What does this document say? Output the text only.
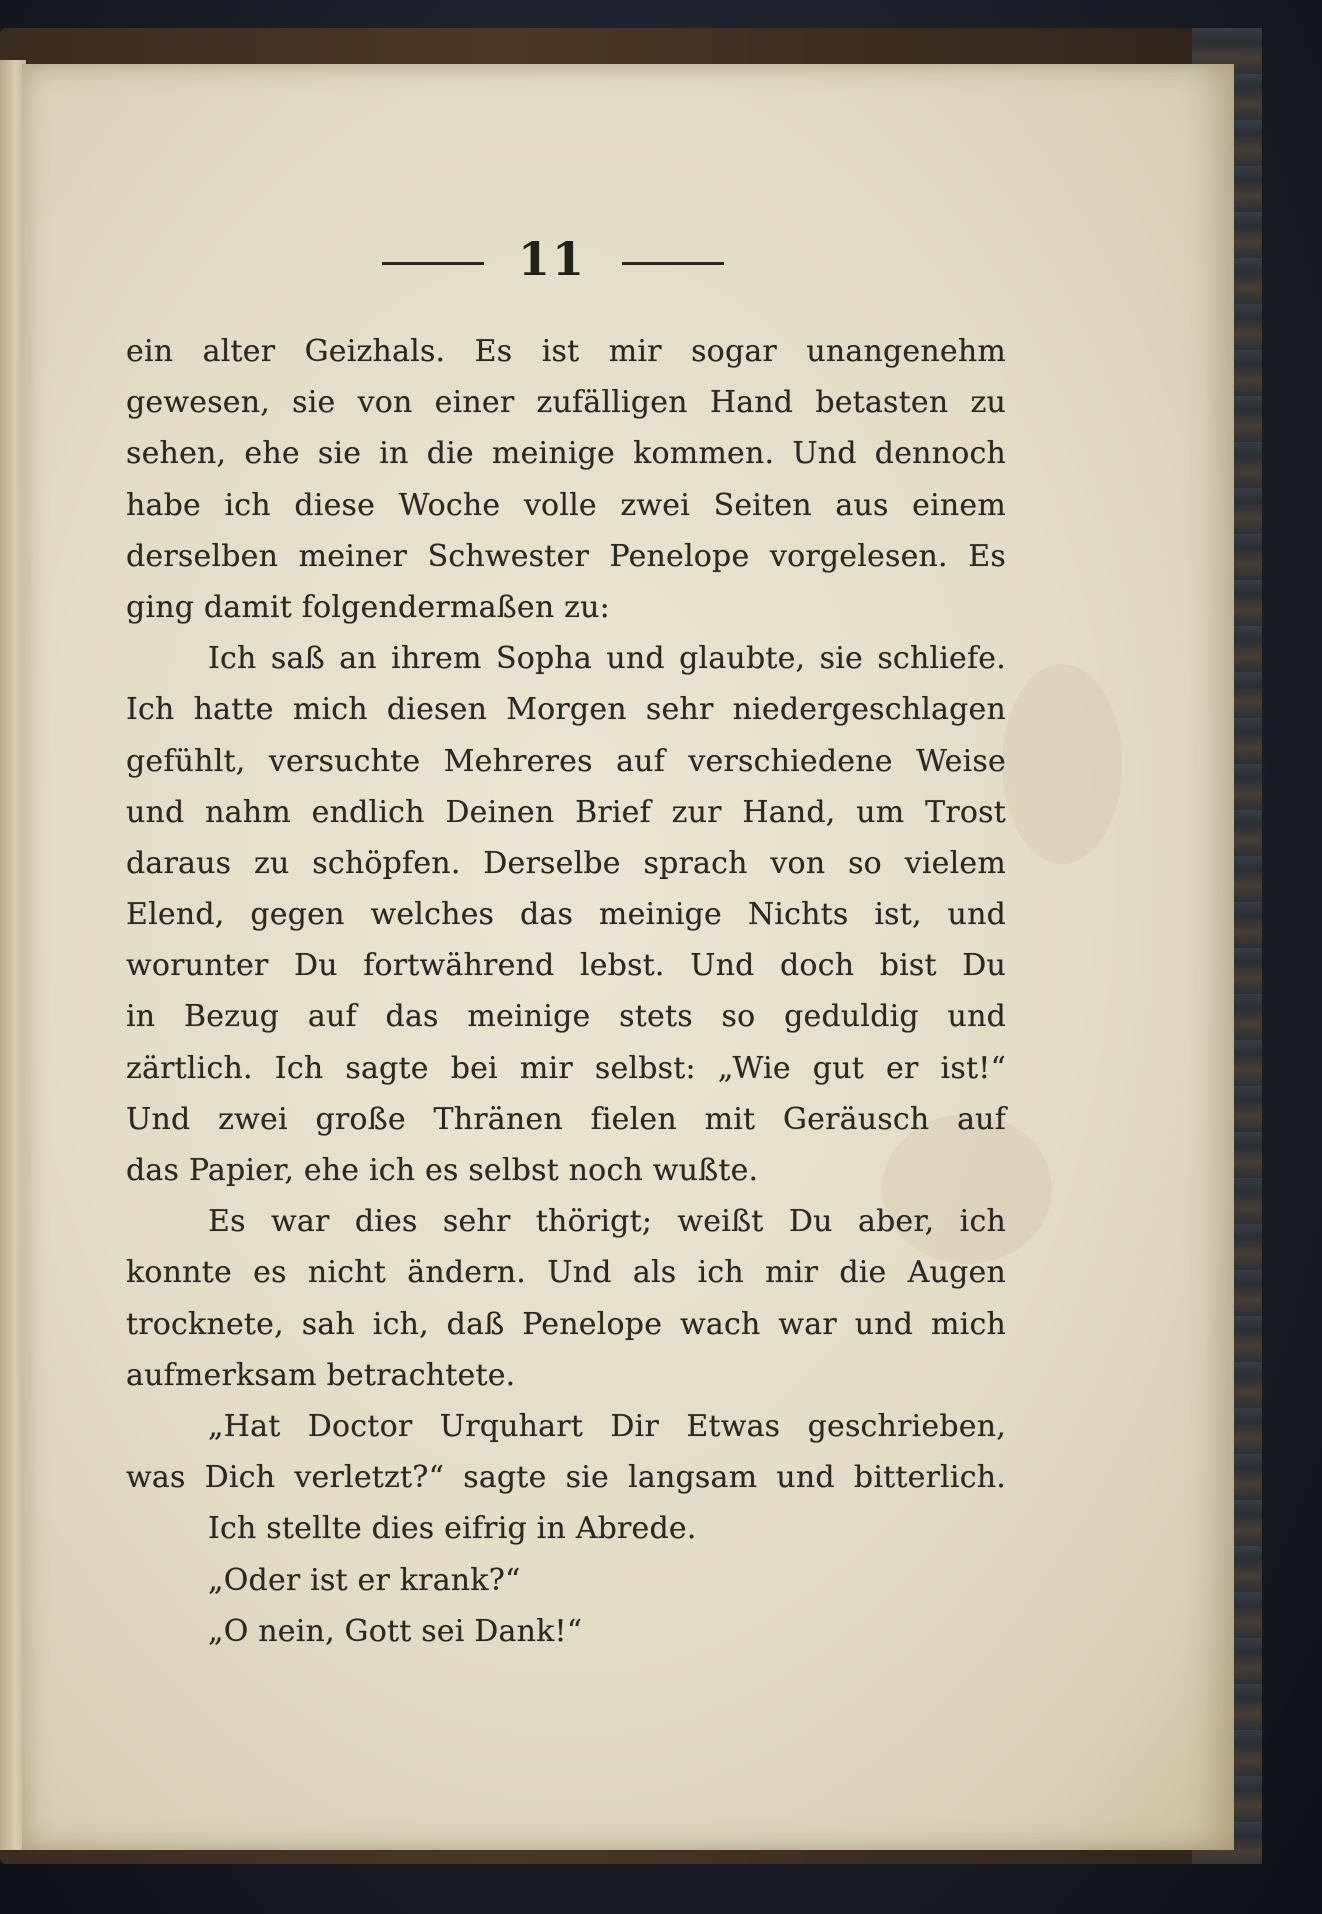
11
ein alter Geizhals. Es ist mir sogar unangenehm
gewesen, sie von einer zufälligen Hand betasten zu
sehen, ehe sie in die meinige kommen. Und dennoch
habe ich diese Woche volle zwei Seiten aus einem
derselben meiner Schwester Penelope vorgelesen. Es
ging damit folgendermaßen zu:
Ich saß an ihrem Sopha und glaubte, sie schliefe.
Ich hatte mich diesen Morgen sehr niedergeschlagen
gefühlt, versuchte Mehreres auf verschiedene Weise
und nahm endlich Deinen Brief zur Hand, um Trost
daraus zu schöpfen. Derselbe sprach von so vielem
Elend, gegen welches das meinige Nichts ist, und
worunter Du fortwährend lebst. Und doch bist Du
in Bezug auf das meinige stets so geduldig und
zärtlich. Ich sagte bei mir selbst: „Wie gut er ist!“
Und zwei große Thränen fielen mit Geräusch auf
das Papier, ehe ich es selbst noch wußte.
Es war dies sehr thörigt; weißt Du aber, ich
konnte es nicht ändern. Und als ich mir die Augen
trocknete, sah ich, daß Penelope wach war und mich
aufmerksam betrachtete.
„Hat Doctor Urquhart Dir Etwas geschrieben,
was Dich verletzt?“ sagte sie langsam und bitterlich.
Ich stellte dies eifrig in Abrede.
„Oder ist er krank?“
„O nein, Gott sei Dank!“
